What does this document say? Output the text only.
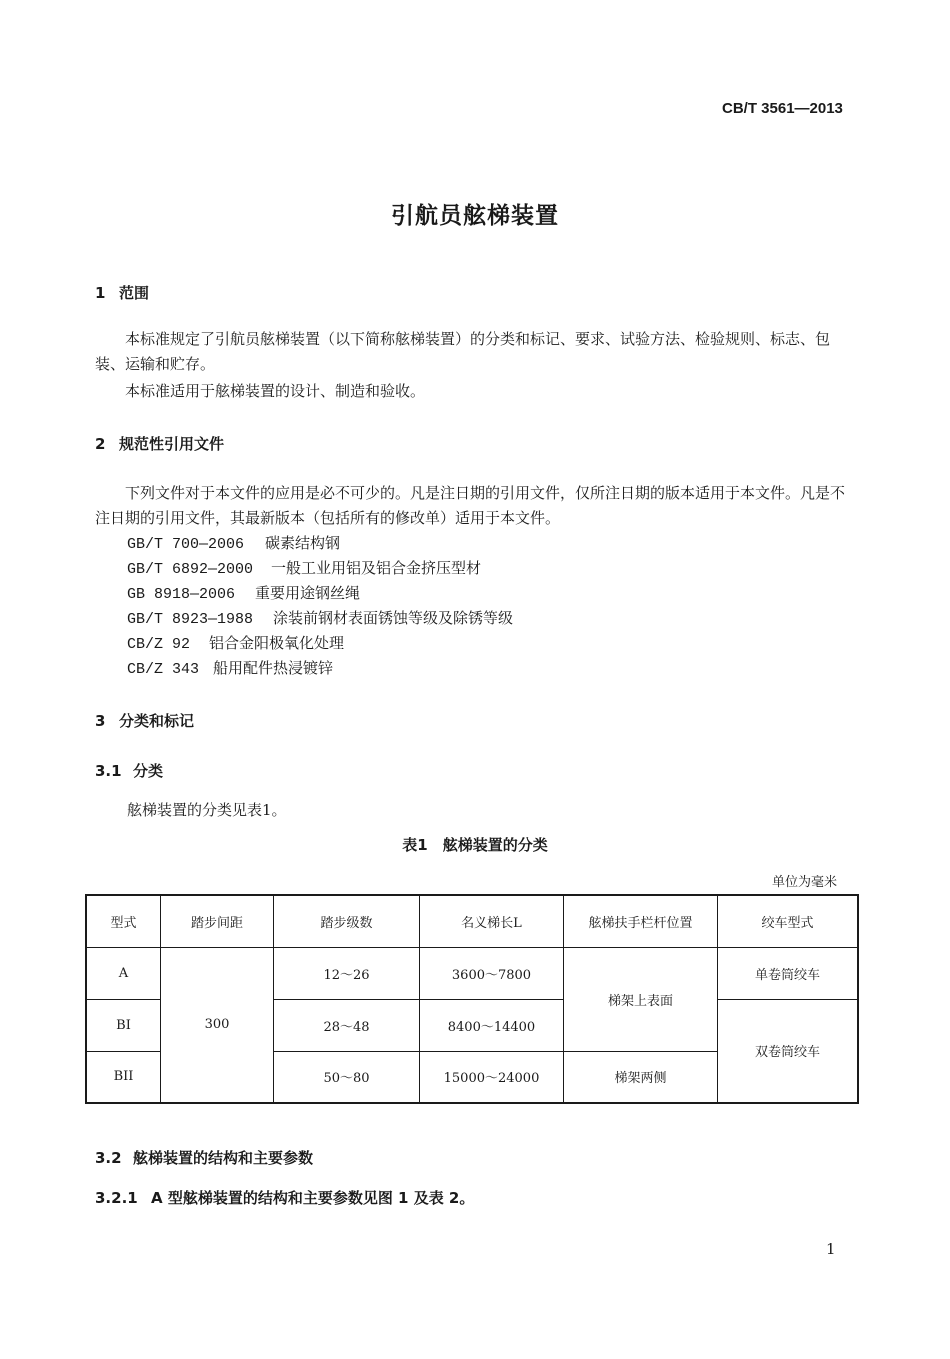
CB/T 3561—2013
引航员舷梯装置
1 范围
本标准规定了引航员舷梯装置（以下简称舷梯装置）的分类和标记、要求、试验方法、检验规则、标志、包装、运输和贮存。
本标准适用于舷梯装置的设计、制造和验收。
2 规范性引用文件
下列文件对于本文件的应用是必不可少的。凡是注日期的引用文件，仅所注日期的版本适用于本文件。凡是不注日期的引用文件，其最新版本（包括所有的修改单）适用于本文件。
GB/T 700—2006 碳素结构钢
GB/T 6892—2000 一般工业用铝及铝合金挤压型材
GB 8918—2006 重要用途钢丝绳
GB/T 8923—1988 涂装前钢材表面锈蚀等级及除锈等级
CB/Z 92 铝合金阳极氧化处理
CB/Z 343 船用配件热浸镀锌
3 分类和标记
3.1 分类
舷梯装置的分类见表1。
表1　舷梯装置的分类
单位为毫米
型式	踏步间距	踏步级数	名义梯长L	舷梯扶手栏杆位置	绞车型式
A	300	12～26	3600～7800	梯架上表面	单卷筒绞车
BI		28～48	8400～14400		双卷筒绞车
BII		50～80	15000～24000	梯架两侧	
3.2 舷梯装置的结构和主要参数
3.2.1 A 型舷梯装置的结构和主要参数见图 1 及表 2。
1
